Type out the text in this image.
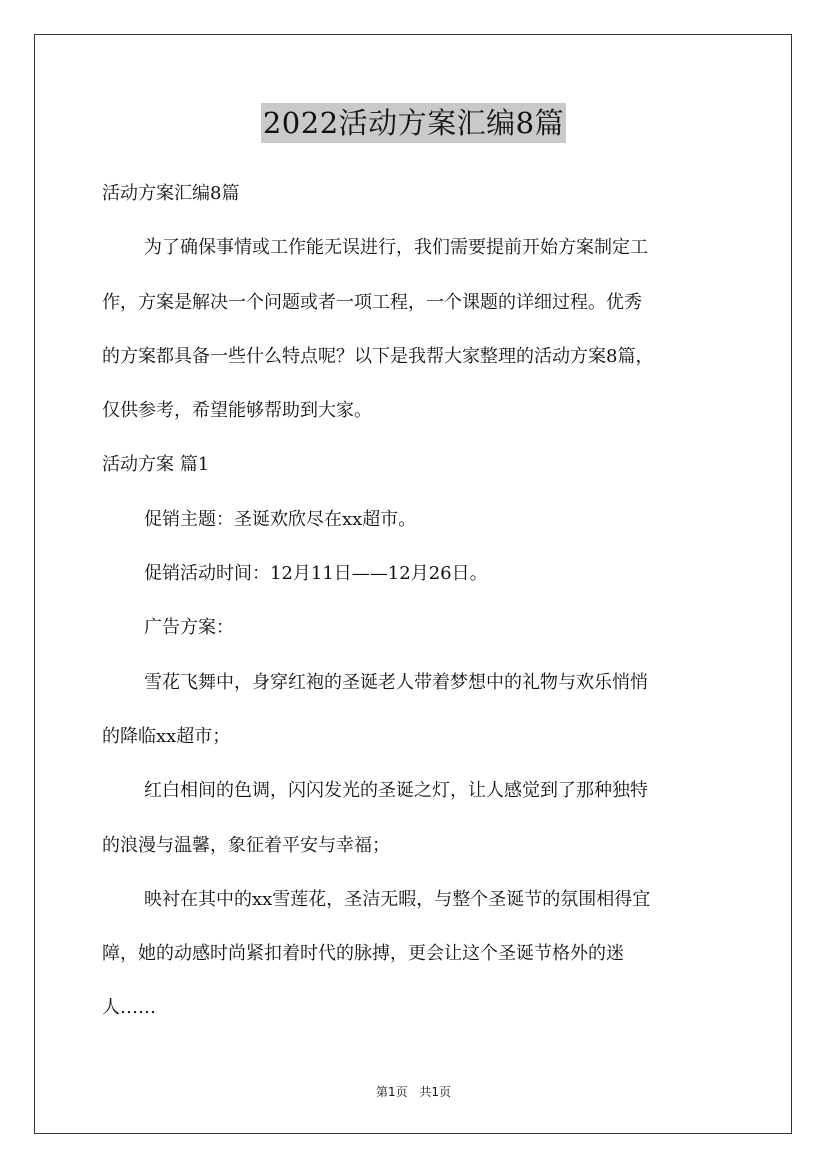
2022活动方案汇编8篇
活动方案汇编8篇
为了确保事情或工作能无误进行，我们需要提前开始方案制定工
作，方案是解决一个问题或者一项工程，一个课题的详细过程。优秀
的方案都具备一些什么特点呢？以下是我帮大家整理的活动方案8篇，
仅供参考，希望能够帮助到大家。
活动方案 篇1
促销主题：圣诞欢欣尽在xx超市。
促销活动时间：12月11日——12月26日。
广告方案：
雪花飞舞中，身穿红袍的圣诞老人带着梦想中的礼物与欢乐悄悄
的降临xx超市；
红白相间的色调，闪闪发光的圣诞之灯，让人感觉到了那种独特
的浪漫与温馨，象征着平安与幸福；
映衬在其中的xx雪莲花，圣洁无暇，与整个圣诞节的氛围相得宜
障，她的动感时尚紧扣着时代的脉搏，更会让这个圣诞节格外的迷
人……
第1页 共1页
